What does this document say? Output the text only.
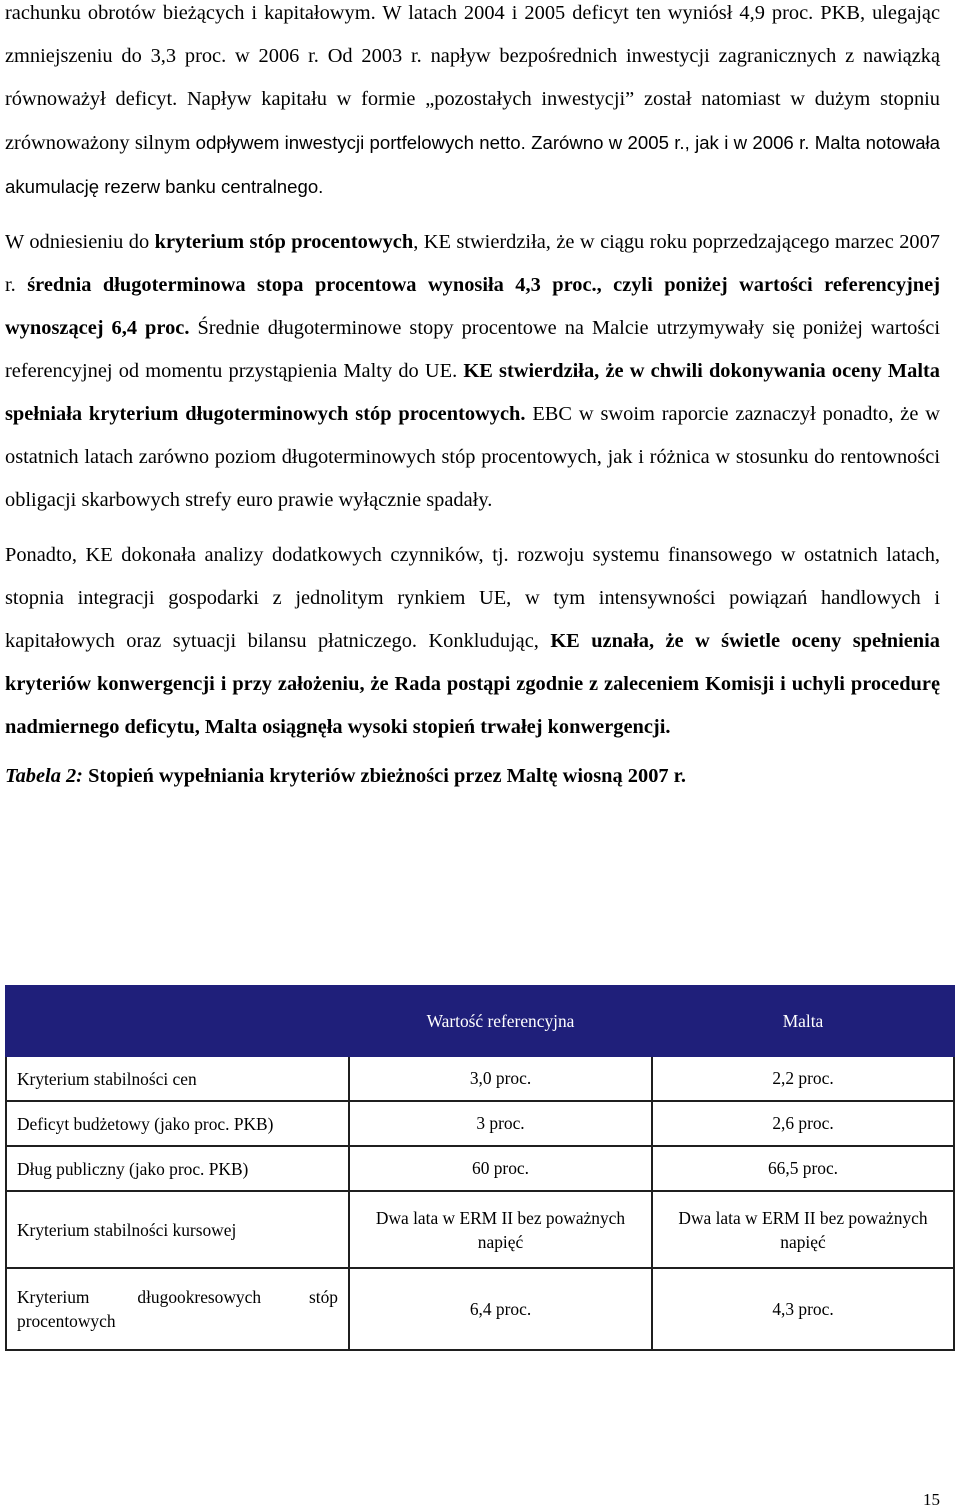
rachunku obrotów bieżących i kapitałowym. W latach 2004 i 2005 deficyt ten wyniósł 4,9 proc. PKB, ulegając zmniejszeniu do 3,3 proc. w 2006 r. Od 2003 r. napływ bezpośrednich inwestycji zagranicznych z nawiązką równoważył deficyt. Napływ kapitału w formie „pozostałych inwestycji” został natomiast w dużym stopniu zrównoważony silnym odpływem inwestycji portfelowych netto. Zarówno w 2005 r., jak i w 2006 r. Malta notowała akumulację rezerw banku centralnego.

W odniesieniu do kryterium stóp procentowych, KE stwierdziła, że w ciągu roku poprzedzającego marzec 2007 r. średnia długoterminowa stopa procentowa wynosiła 4,3 proc., czyli poniżej wartości referencyjnej wynoszącej 6,4 proc. Średnie długoterminowe stopy procentowe na Malcie utrzymywały się poniżej wartości referencyjnej od momentu przystąpienia Malty do UE. KE stwierdziła, że w chwili dokonywania oceny Malta spełniała kryterium długoterminowych stóp procentowych. EBC w swoim raporcie zaznaczył ponadto, że w ostatnich latach zarówno poziom długoterminowych stóp procentowych, jak i różnica w stosunku do rentowności obligacji skarbowych strefy euro prawie wyłącznie spadały.

Ponadto, KE dokonała analizy dodatkowych czynników, tj. rozwoju systemu finansowego w ostatnich latach, stopnia integracji gospodarki z jednolitym rynkiem UE, w tym intensywności powiązań handlowych i kapitałowych oraz sytuacji bilansu płatniczego. Konkludując, KE uznała, że w świetle oceny spełnienia kryteriów konwergencji i przy założeniu, że Rada postąpi zgodnie z zaleceniem Komisji i uchyli procedurę nadmiernego deficytu, Malta osiągnęła wysoki stopień trwałej konwergencji.

Tabela 2: Stopień wypełniania kryteriów zbieżności przez Maltę wiosną 2007 r.

	Wartość referencyjna	Malta
Kryterium stabilności cen	3,0 proc.	2,2 proc.
Deficyt budżetowy (jako proc. PKB)	3 proc.	2,6 proc.
Dług publiczny (jako proc. PKB)	60 proc.	66,5 proc.
Kryterium stabilności kursowej	Dwa lata w ERM II bez poważnych napięć	Dwa lata w ERM II bez poważnych napięć
Kryterium długookresowych stóp procentowych	6,4 proc.	4,3 proc.
15
